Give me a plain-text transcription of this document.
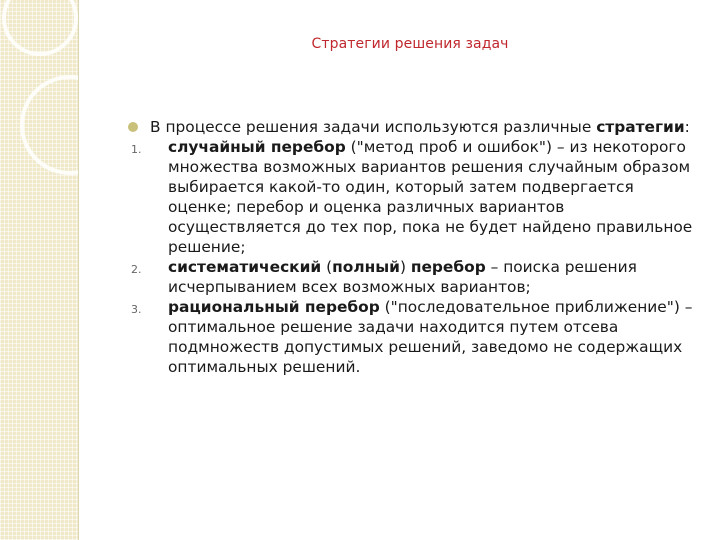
Стратегии решения задач
В процессе решения задачи используются различные стратегии:
1. случайный перебор ("метод проб и ошибок") – из некоторого множества возможных вариантов решения случайным образом выбирается какой-то один, который затем подвергается оценке; перебор и оценка различных вариантов осуществляется до тех пор, пока не будет найдено правильное решение;
2. систематический (полный) перебор – поиска решения исчерпыванием всех возможных вариантов;
3. рациональный перебор ("последовательное приближение") – оптимальное решение задачи находится путем отсева подмножеств допустимых решений, заведомо не содержащих оптимальных решений.
